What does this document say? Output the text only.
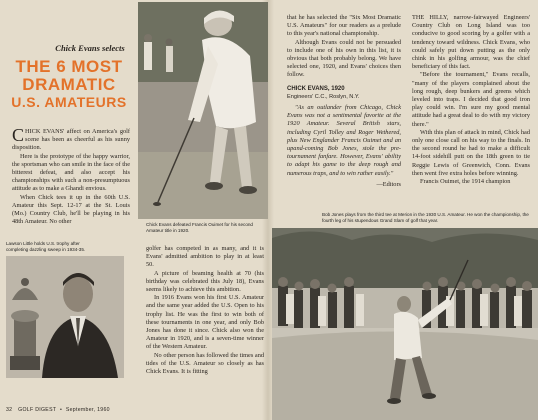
Chick Evans selects

THE 6 MOST

DRAMATIC

U.S. AMATEURS

CHICK EVANS' affect on America's golf scene has been as cheerful as his sunny disposition.

Here is the prototype of the happy warrior, the sportsman who can smile in the face of the bitterest defeat, and also accept his championships with such a non-presumptuous attitude as to make a Ghandi envious.

When Chick tees it up in the 60th U.S. Amateur this Sept. 12-17 at the St. Louis (Mo.) Country Club, he'll be playing in his 48th Amateur. No other

Lawson Little holds U.S. trophy after completing dazzling sweep in 1934-35.

Chick Evans defeated Francis Ouimet for his second Amateur title in 1920.

golfer has competed in as many, and it is Evans' admitted ambition to play in at least 50.

A picture of beaming health at 70 (his birthday was celebrated this July 18), Evans seems likely to achieve this ambition.

In 1916 Evans won his first U.S. Amateur and the same year added the U.S. Open to his trophy list. He was the first to win both of these tournaments in one year, and only Bob Jones has done it since. Chick also won the Amateur in 1920, and is a seven-time winner of the Western Amateur.

No other person has followed the times and tides of the U.S. Amateur so closely as has Chick Evans. It is fitting

that he has selected the "Six Most Dramatic U.S. Amateurs" for our readers as a prelude to this year's national championship.

Although Evans could not be persuaded to include one of his own in this list, it is obvious that both probably belong. We have selected one, 1920, and Evans' choices then follow.

CHICK EVANS, 1920

Engineers' C.C., Roslyn, N.Y.

"As an outlander from Chicago, Chick Evans was not a sentimental favorite at the 1920 Amateur. Several British stars, including Cyril Tolley and Roger Wethered, plus New Englander Francis Ouimet and an upand-coming Bob Jones, stole the pre-tournament fanfare. However, Evans' ability to adapt his game to the deep rough and numerous traps, and to win rather easily."

—Editors

THE HILLY, narrow-fairwayed Engineers' Country Club on Long Island was too conducive to good scoring by a golfer with a tendency toward wildness. Chick Evans, who could safely put down putting as the only chink in his golfing armour, was the chief beneficiary of this fact.

"Before the tournament," Evans recalls, "many of the players complained about the long rough, deep bunkers and greens which leveled into traps. I decided that good iron play could win. I'm sure my good mental attitude had a great deal to do with my victory there."

With this plan of attack in mind, Chick had only one close call on his way to the finals. In the second round he had to make a difficult 14-foot sidehill putt on the 18th green to tie Reggie Lewis of Greenwich, Conn. Evans then went five extra holes before winning.

Francis Ouimet, the 1914 champion

Bob Jones plays from the third tee at Merion in the 1930 U.S. Amateur. He won the championship, the fourth leg of his stupendous Grand Slam of golf that year.

32 GOLF DIGEST • September, 1960
